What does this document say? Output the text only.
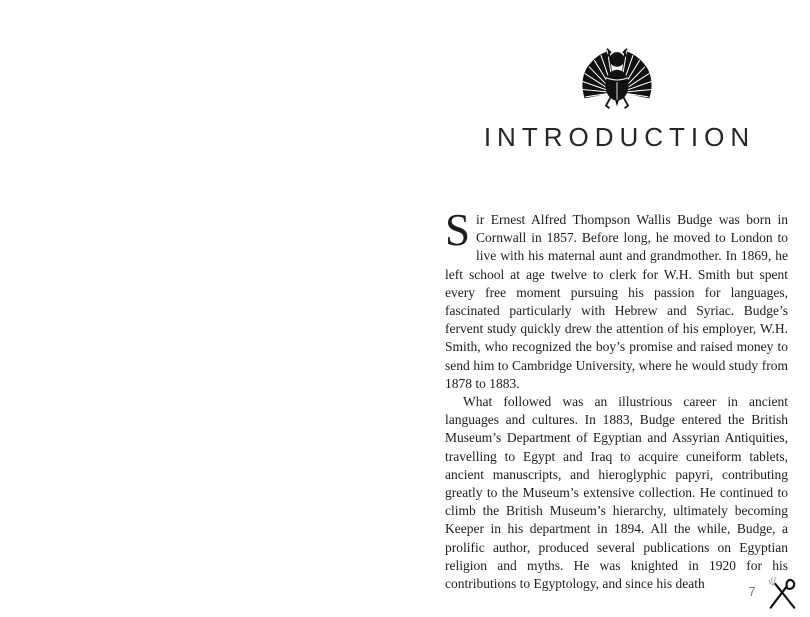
INTRODUCTION

Sir Ernest Alfred Thompson Wallis Budge was born in Cornwall in 1857. Before long, he moved to London to live with his maternal aunt and grandmother. In 1869, he left school at age twelve to clerk for W.H. Smith but spent every free moment pursuing his passion for languages, fascinated particularly with Hebrew and Syriac. Budge’s fervent study quickly drew the attention of his employer, W.H. Smith, who recognized the boy’s promise and raised money to send him to Cambridge University, where he would study from 1878 to 1883.

What followed was an illustrious career in ancient languages and cultures. In 1883, Budge entered the British Museum’s Department of Egyptian and Assyrian Antiquities, travelling to Egypt and Iraq to acquire cuneiform tablets, ancient manuscripts, and hieroglyphic papyri, contributing greatly to the Museum’s extensive collection. He continued to climb the British Museum’s hierarchy, ultimately becoming Keeper in his department in 1894. All the while, Budge, a prolific author, produced several publications on Egyptian religion and myths. He was knighted in 1920 for his contributions to Egyptology, and since his death

7
